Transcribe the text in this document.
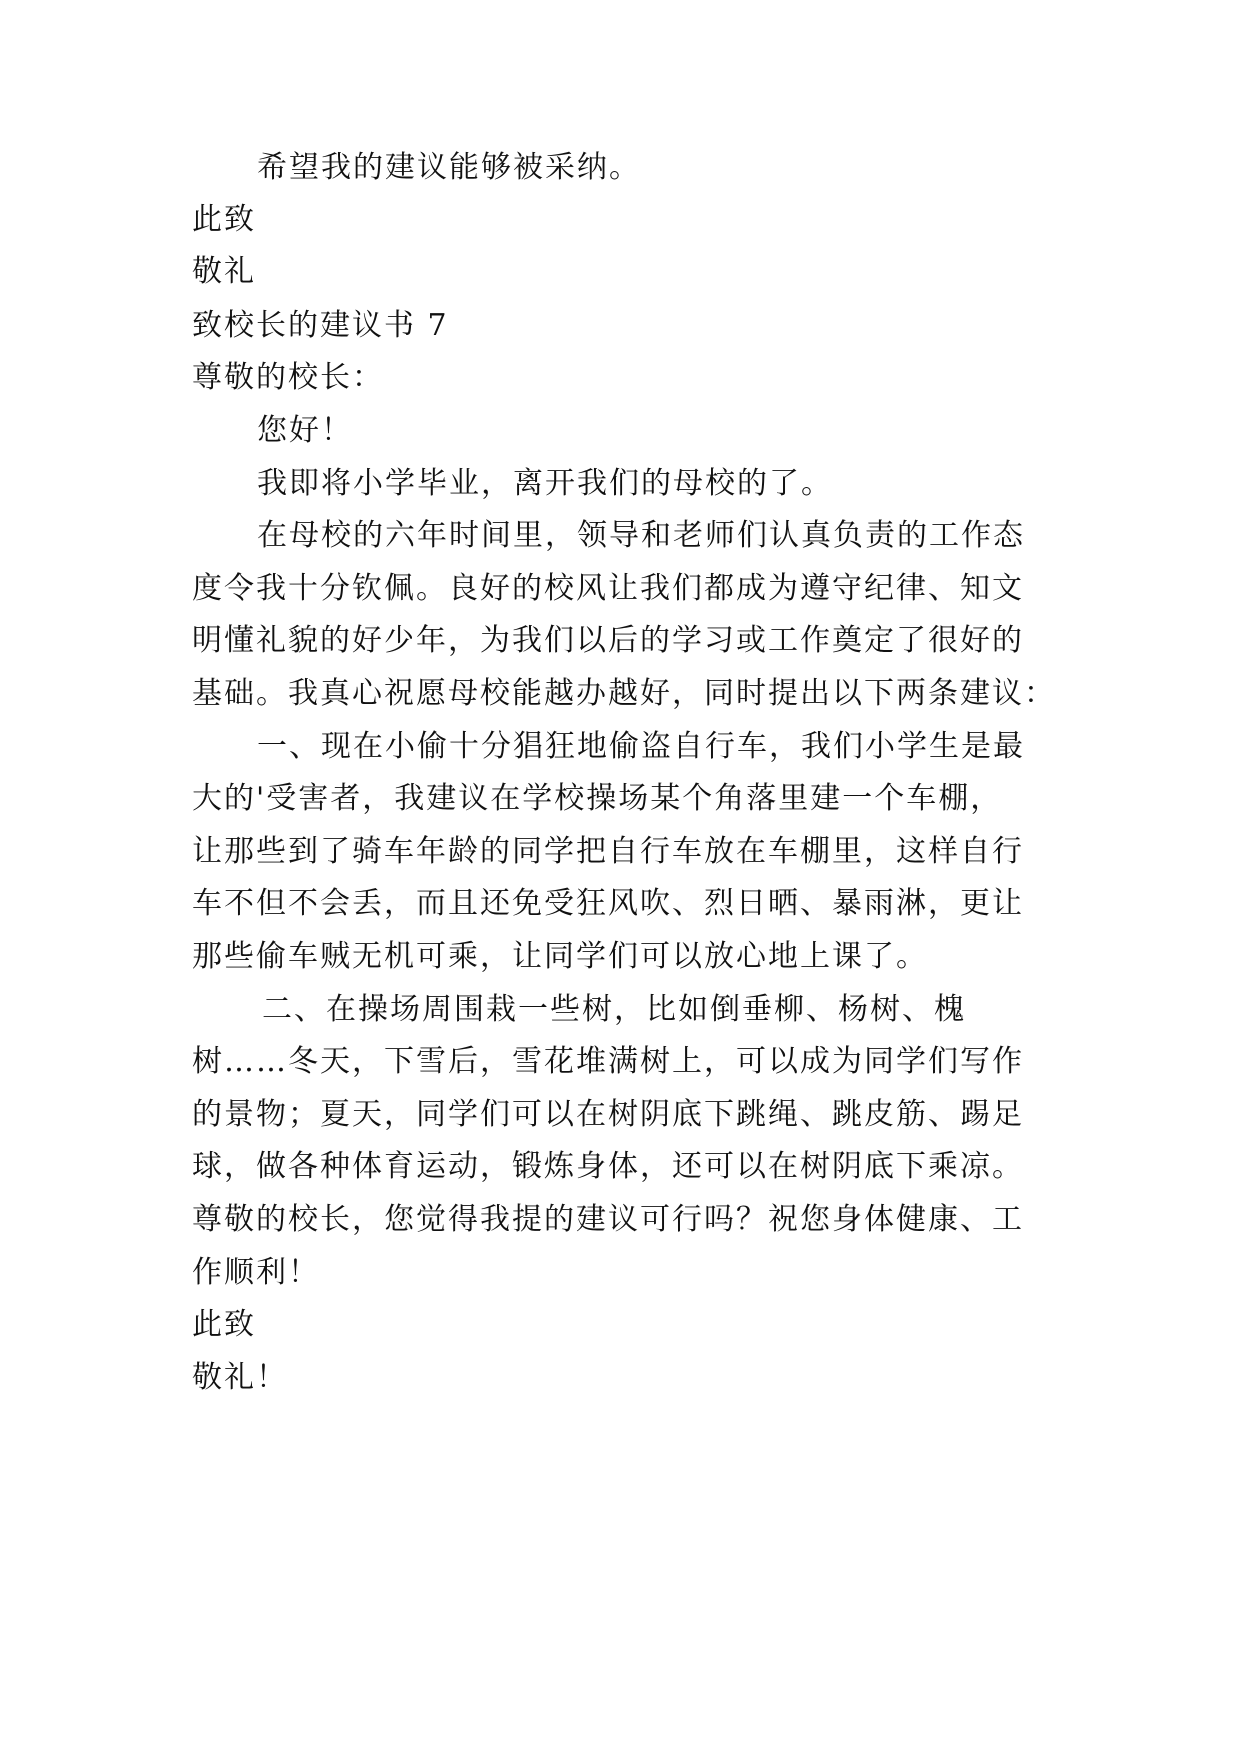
希望我的建议能够被采纳。
此致
敬礼
致校长的建议书 7
尊敬的校长：
您好！
我即将小学毕业，离开我们的母校的了。
在母校的六年时间里，领导和老师们认真负责的工作态
度令我十分钦佩。良好的校风让我们都成为遵守纪律、知文
明懂礼貌的好少年，为我们以后的学习或工作奠定了很好的
基础。我真心祝愿母校能越办越好，同时提出以下两条建议：
一、现在小偷十分猖狂地偷盗自行车，我们小学生是最
大的'受害者，我建议在学校操场某个角落里建一个车棚，
让那些到了骑车年龄的同学把自行车放在车棚里，这样自行
车不但不会丢，而且还免受狂风吹、烈日晒、暴雨淋，更让
那些偷车贼无机可乘，让同学们可以放心地上课了。
二、在操场周围栽一些树，比如倒垂柳、杨树、槐
树……冬天，下雪后，雪花堆满树上，可以成为同学们写作
的景物；夏天，同学们可以在树阴底下跳绳、跳皮筋、踢足
球，做各种体育运动，锻炼身体，还可以在树阴底下乘凉。
尊敬的校长，您觉得我提的建议可行吗？祝您身体健康、工
作顺利！
此致
敬礼！
